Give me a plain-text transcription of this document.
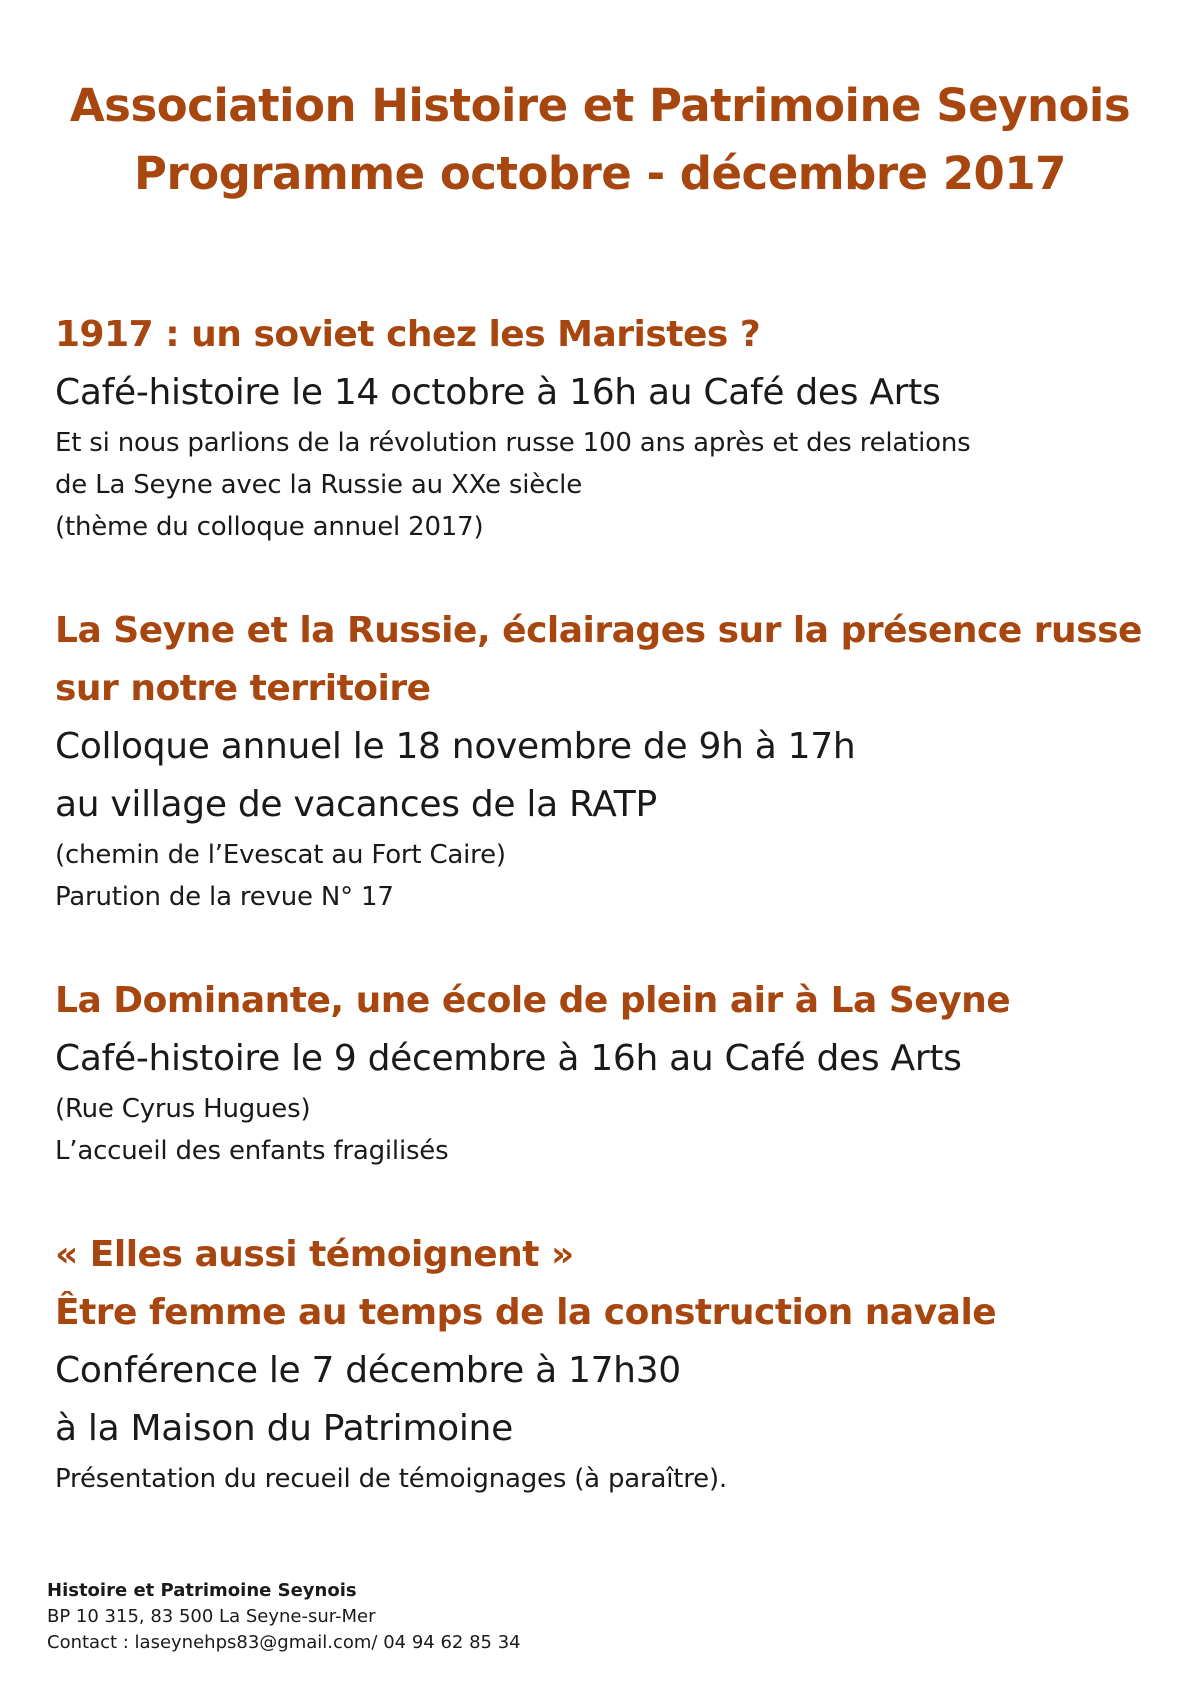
Association Histoire et Patrimoine Seynois
Programme octobre - décembre 2017
1917 : un soviet chez les Maristes ?
Café-histoire le 14 octobre à 16h au Café des Arts
Et si nous parlions de la révolution russe 100 ans après et des relations
de La Seyne avec la Russie au XXe siècle
(thème du colloque annuel 2017)
La Seyne et la Russie, éclairages sur la présence russe
sur notre territoire
Colloque annuel le 18 novembre de 9h à 17h
au village de vacances de la RATP
(chemin de l’Evescat au Fort Caire)
Parution de la revue N° 17
La Dominante, une école de plein air à La Seyne
Café-histoire le 9 décembre à 16h au Café des Arts
(Rue Cyrus Hugues)
L’accueil des enfants fragilisés
« Elles aussi témoignent »
Être femme au temps de la construction navale
Conférence le 7 décembre à 17h30
à la Maison du Patrimoine
Présentation du recueil de témoignages (à paraître).
Histoire et Patrimoine Seynois
BP 10 315, 83 500 La Seyne-sur-Mer
Contact : laseynehps83@gmail.com/ 04 94 62 85 34
